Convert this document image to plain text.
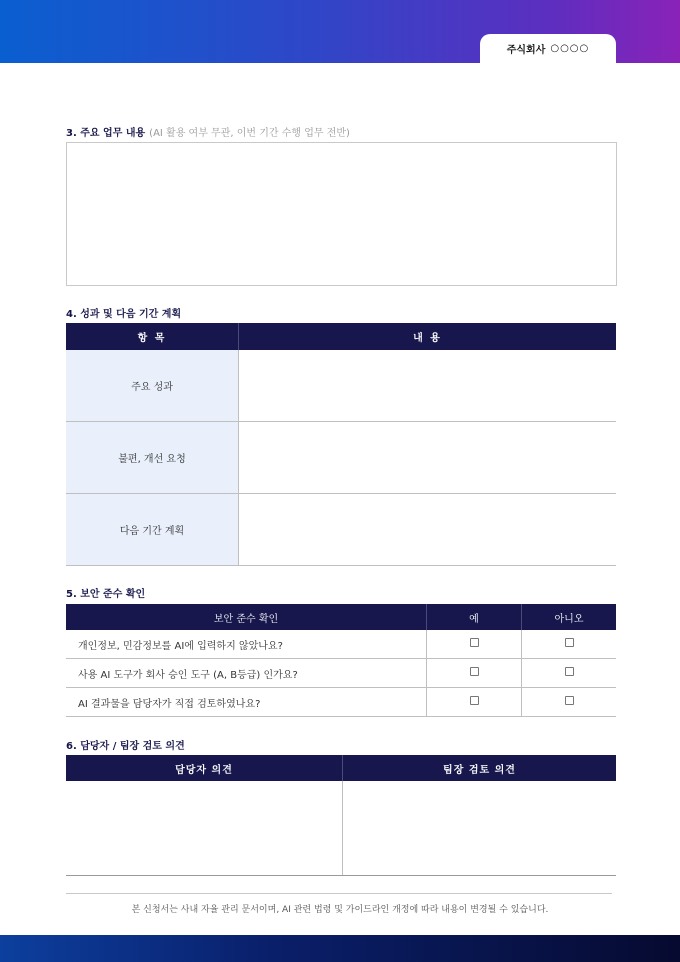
주식회사 ○○○○
3. 주요 업무 내용 (AI 활용 여부 무관, 이번 기간 수행 업무 전반)
4. 성과 및 다음 기간 계획
항 목	내 용
주요 성과	
불편, 개선 요청	
다음 기간 계획	
5. 보안 준수 확인
보안 준수 확인	예	아니오
개인정보, 민감정보를 AI에 입력하지 않았나요?		
사용 AI 도구가 회사 승인 도구 (A, B등급) 인가요?		
AI 결과물을 담당자가 직접 검토하였나요?		
6. 담당자 / 팀장 검토 의견
담당자 의견	팀장 검토 의견

본 신청서는 사내 자율 관리 문서이며, AI 관련 법령 및 가이드라인 개정에 따라 내용이 변경될 수 있습니다.
